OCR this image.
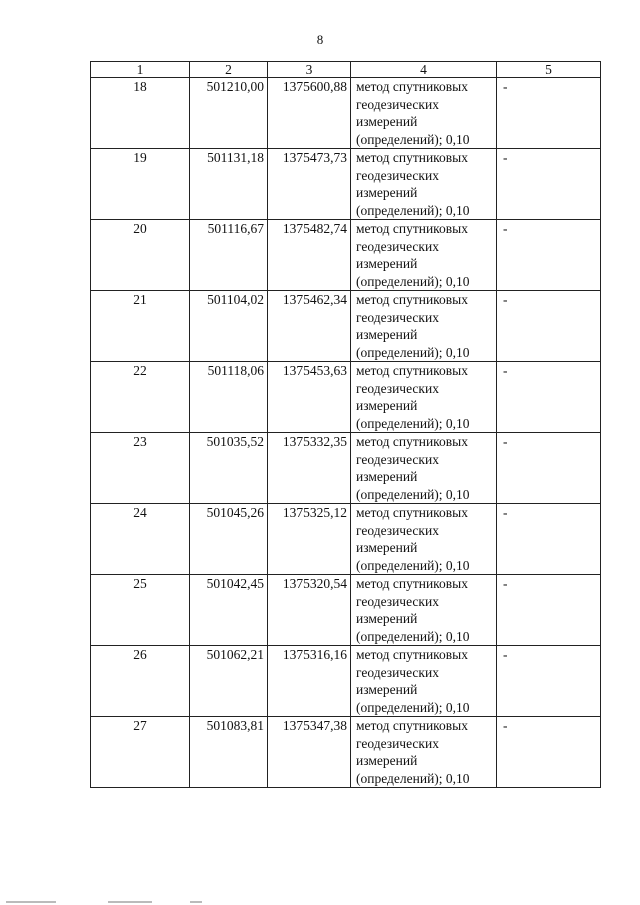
8
1	2	3	4	5
18	501210,00	1375600,88	метод спутниковых геодезических измерений (определений); 0,10	-
19	501131,18	1375473,73	метод спутниковых геодезических измерений (определений); 0,10	-
20	501116,67	1375482,74	метод спутниковых геодезических измерений (определений); 0,10	-
21	501104,02	1375462,34	метод спутниковых геодезических измерений (определений); 0,10	-
22	501118,06	1375453,63	метод спутниковых геодезических измерений (определений); 0,10	-
23	501035,52	1375332,35	метод спутниковых геодезических измерений (определений); 0,10	-
24	501045,26	1375325,12	метод спутниковых геодезических измерений (определений); 0,10	-
25	501042,45	1375320,54	метод спутниковых геодезических измерений (определений); 0,10	-
26	501062,21	1375316,16	метод спутниковых геодезических измерений (определений); 0,10	-
27	501083,81	1375347,38	метод спутниковых геодезических измерений (определений); 0,10	-
